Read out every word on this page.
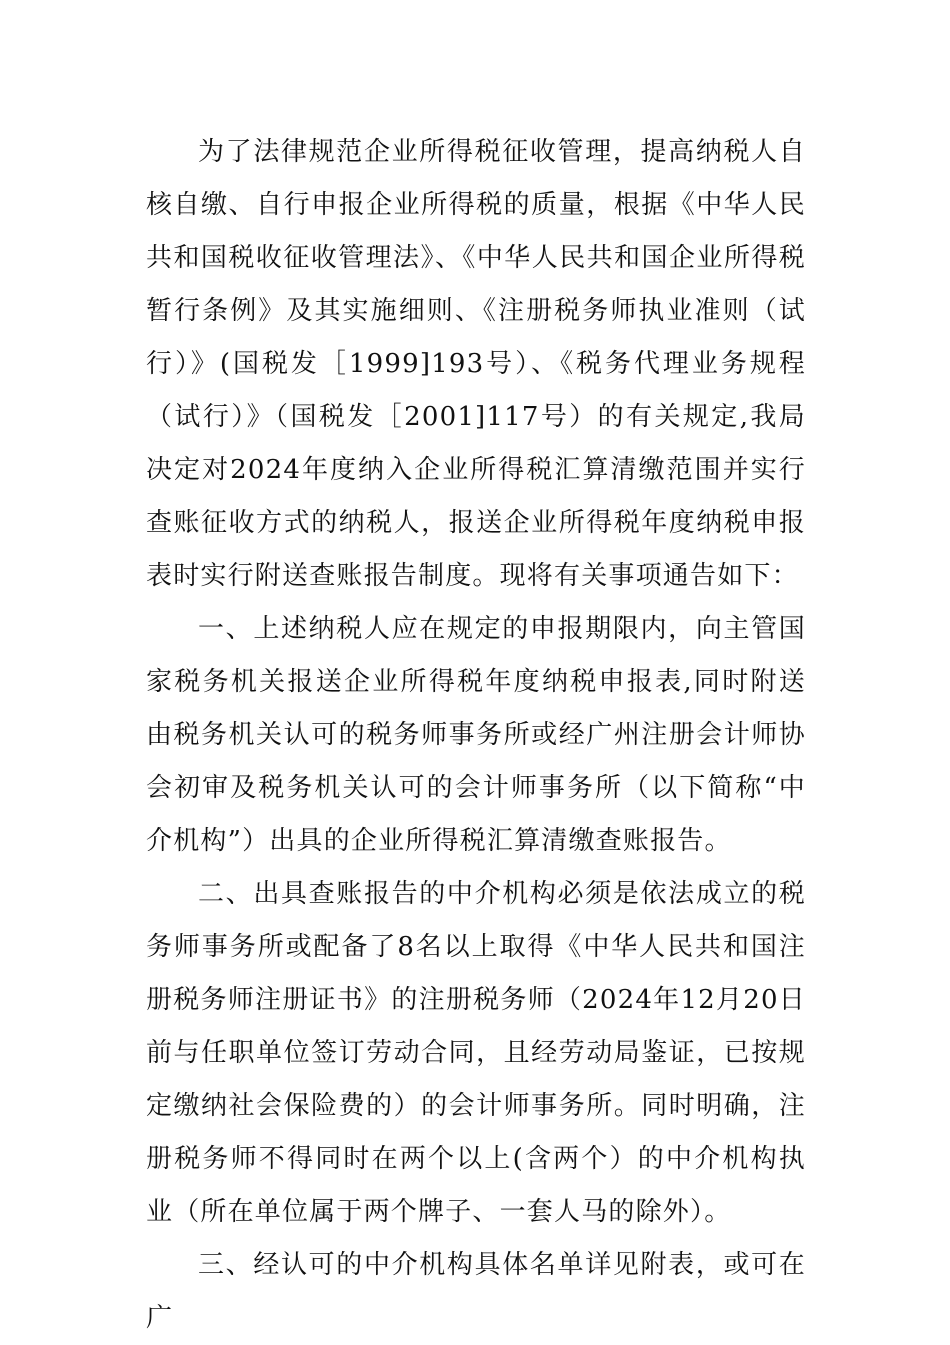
为了法律规范企业所得税征收管理，提高纳税人自核自缴、自行申报企业所得税的质量，根据《中华人民共和国税收征收管理法》、《中华人民共和国企业所得税暂行条例》及其实施细则、《注册税务师执业准则（试行）》(国税发［1999]193号）、《税务代理业务规程（试行）》（国税发［2001]117号）的有关规定,我局决定对2024年度纳入企业所得税汇算清缴范围并实行查账征收方式的纳税人，报送企业所得税年度纳税申报表时实行附送查账报告制度。现将有关事项通告如下：

一、上述纳税人应在规定的申报期限内，向主管国家税务机关报送企业所得税年度纳税申报表,同时附送由税务机关认可的税务师事务所或经广州注册会计师协会初审及税务机关认可的会计师事务所（以下简称“中介机构”）出具的企业所得税汇算清缴查账报告。

二、出具查账报告的中介机构必须是依法成立的税务师事务所或配备了8名以上取得《中华人民共和国注册税务师注册证书》的注册税务师（2024年12月20日前与任职单位签订劳动合同，且经劳动局鉴证，已按规定缴纳社会保险费的）的会计师事务所。同时明确，注册税务师不得同时在两个以上(含两个）的中介机构执业（所在单位属于两个牌子、一套人马的除外）。

三、经认可的中介机构具体名单详见附表，或可在广
